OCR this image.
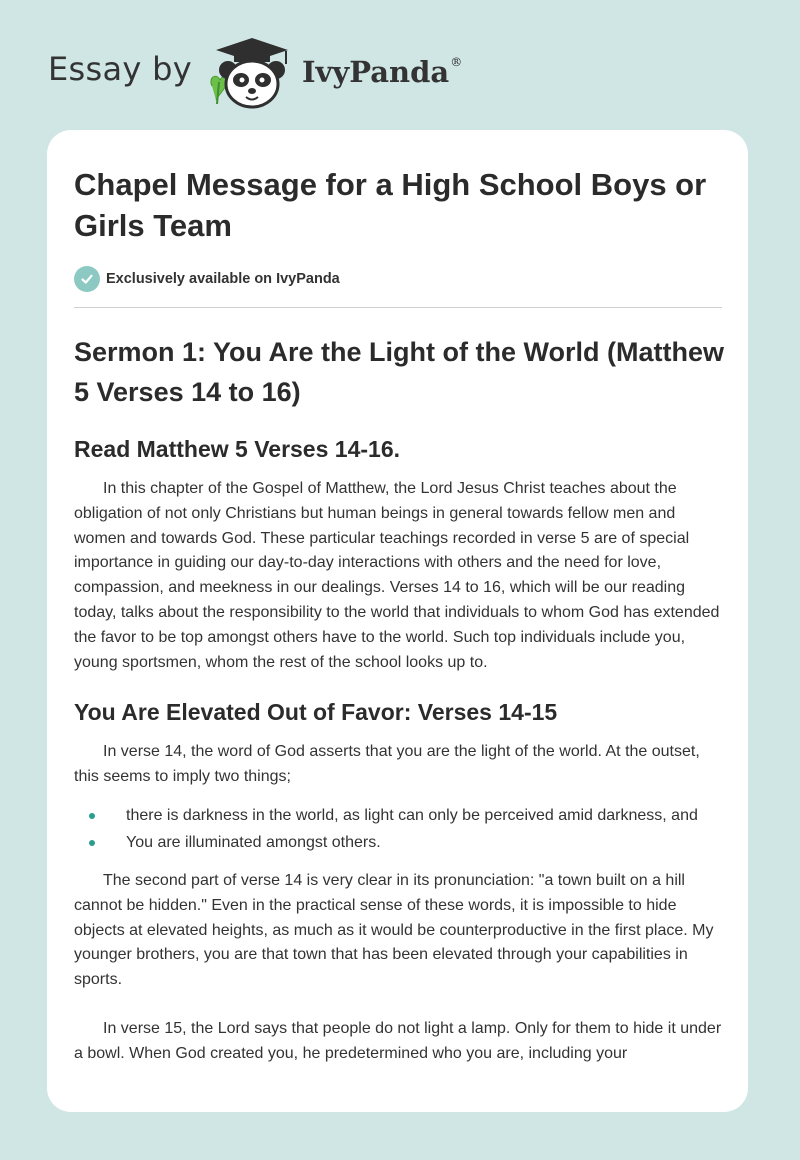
Essay by	IvyPanda®
Chapel Message for a High School Boys or Girls Team
Exclusively available on IvyPanda
Sermon 1: You Are the Light of the World (Matthew 5 Verses 14 to 16)
Read Matthew 5 Verses 14-16.

In this chapter of the Gospel of Matthew, the Lord Jesus Christ teaches about the obligation of not only Christians but human beings in general towards fellow men and women and towards God. These particular teachings recorded in verse 5 are of special importance in guiding our day-to-day interactions with others and the need for love, compassion, and meekness in our dealings. Verses 14 to 16, which will be our reading today, talks about the responsibility to the world that individuals to whom God has extended the favor to be top amongst others have to the world. Such top individuals include you, young sportsmen, whom the rest of the school looks up to.

You Are Elevated Out of Favor: Verses 14-15

In verse 14, the word of God asserts that you are the light of the world. At the outset, this seems to imply two things;

there is darkness in the world, as light can only be perceived amid darkness, and
You are illuminated amongst others.

The second part of verse 14 is very clear in its pronunciation: "a town built on a hill cannot be hidden." Even in the practical sense of these words, it is impossible to hide objects at elevated heights, as much as it would be counterproductive in the first place. My younger brothers, you are that town that has been elevated through your capabilities in sports.

In verse 15, the Lord says that people do not light a lamp. Only for them to hide it under a bowl. When God created you, he predetermined who you are, including your
